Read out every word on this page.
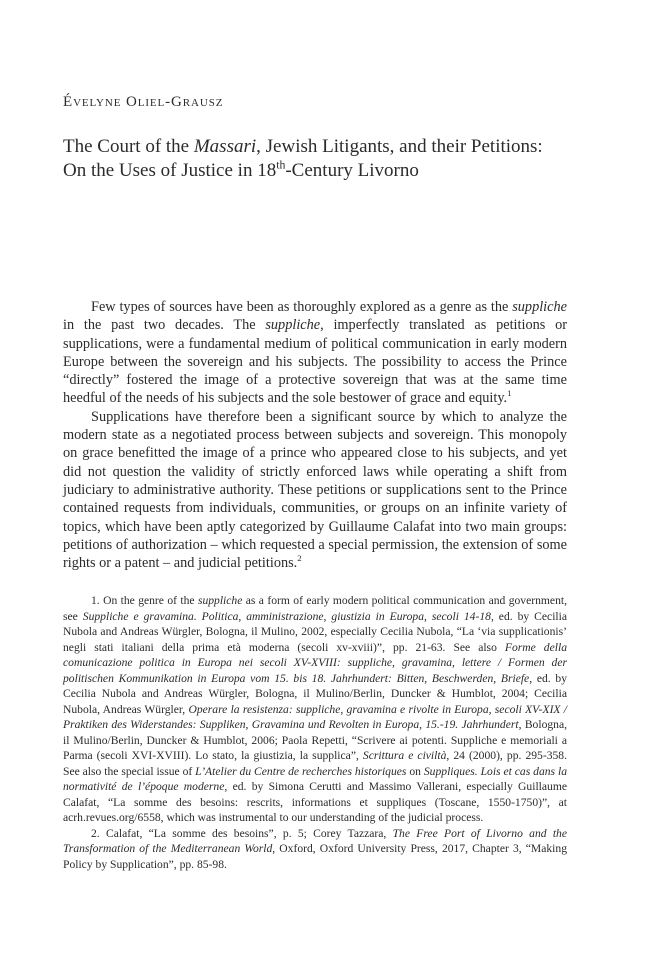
Évelyne Oliel-Grausz
The Court of the Massari, Jewish Litigants, and their Petitions:
On the Uses of Justice in 18th-Century Livorno

Few types of sources have been as thoroughly explored as a genre as the suppliche in the past two decades. The suppliche, imperfectly translated as petitions or supplications, were a fundamental medium of political communication in early modern Europe between the sovereign and his subjects. The possibility to access the Prince “directly” fostered the image of a protective sovereign that was at the same time heedful of the needs of his subjects and the sole bestower of grace and equity.$^1$

Supplications have therefore been a significant source by which to analyze the modern state as a negotiated process between subjects and sovereign. This monopoly on grace benefitted the image of a prince who appeared close to his subjects, and yet did not question the validity of strictly enforced laws while operating a shift from judiciary to administrative authority. These petitions or supplications sent to the Prince contained requests from individuals, communities, or groups on an infinite variety of topics, which have been aptly categorized by Guillaume Calafat into two main groups: petitions of authorization – which requested a special permission, the extension of some rights or a patent – and judicial petitions.$^2$

1. On the genre of the suppliche as a form of early modern political communication and government, see Suppliche e gravamina. Politica, amministrazione, giustizia in Europa, secoli 14-18, ed. by Cecilia Nubola and Andreas Würgler, Bologna, il Mulino, 2002, especially Cecilia Nubola, “La ‘via supplicationis’ negli stati italiani della prima età moderna (secoli xv-xviii)”, pp. 21-63. See also Forme della comunicazione politica in Europa nei secoli XV-XVIII: suppliche, gravamina, lettere / Formen der politischen Kommunikation in Europa vom 15. bis 18. Jahrhundert: Bitten, Beschwerden, Briefe, ed. by Cecilia Nubola and Andreas Würgler, Bologna, il Mulino/Berlin, Duncker & Humblot, 2004; Cecilia Nubola, Andreas Würgler, Operare la resistenza: suppliche, gravamina e rivolte in Europa, secoli XV-XIX / Praktiken des Widerstandes: Suppliken, Gravamina und Revolten in Europa, 15.-19. Jahrhundert, Bologna, il Mulino/Berlin, Duncker & Humblot, 2006; Paola Repetti, “Scrivere ai potenti. Suppliche e memoriali a Parma (secoli XVI-XVIII). Lo stato, la giustizia, la supplica”, Scrittura e civiltà, 24 (2000), pp. 295-358. See also the special issue of L’Atelier du Centre de recherches historiques on Suppliques. Lois et cas dans la normativité de l’époque moderne, ed. by Simona Cerutti and Massimo Vallerani, especially Guillaume Calafat, “La somme des besoins: rescrits, informations et suppliques (Toscane, 1550-1750)”, at acrh.revues.org/6558, which was instrumental to our understanding of the judicial process.

2. Calafat, “La somme des besoins”, p. 5; Corey Tazzara, The Free Port of Livorno and the Transformation of the Mediterranean World, Oxford, Oxford University Press, 2017, Chapter 3, “Making Policy by Supplication”, pp. 85-98.
